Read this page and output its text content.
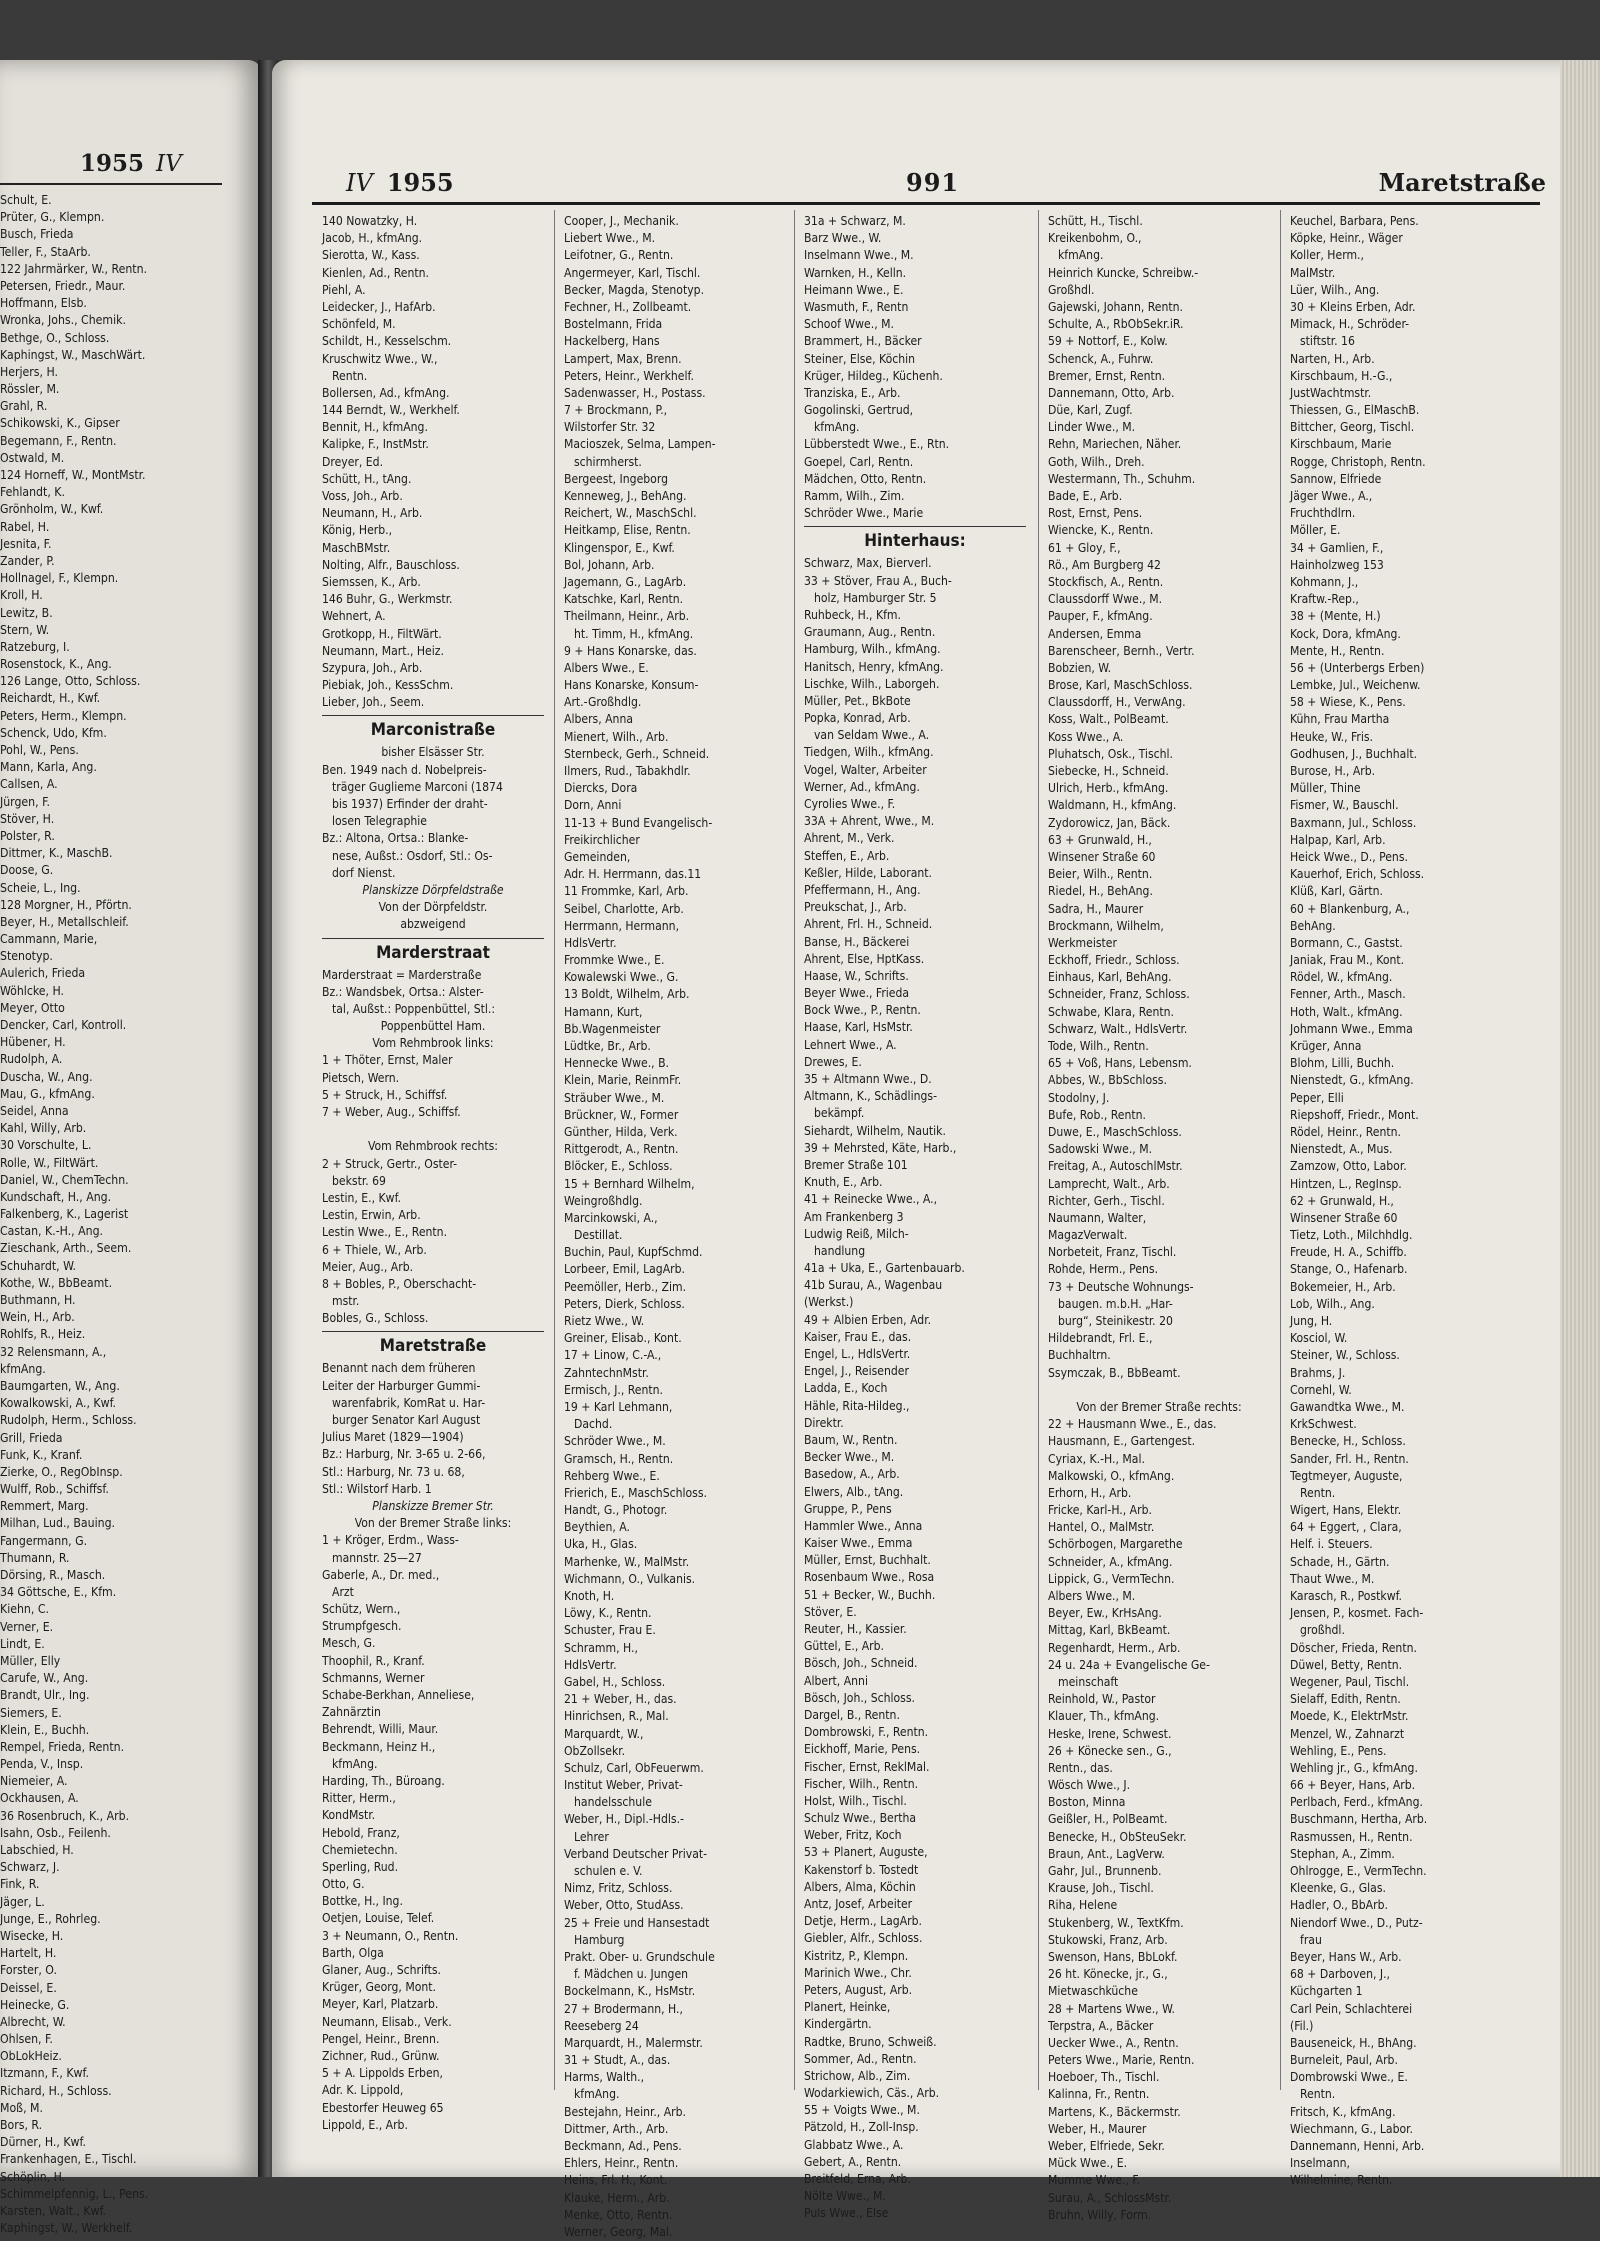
1955 IV
Schult, E.
Prüter, G., Klempn.
Busch, Frieda
Teller, F., StaArb.
122 Jahrmärker, W., Rentn.
Petersen, Friedr., Maur.
Hoffmann, Elsb.
Wronka, Johs., Chemik.
Bethge, O., Schloss.
Kaphingst, W., MaschWärt.
Herjers, H.
Rössler, M.
Grahl, R.
Schikowski, K., Gipser
Begemann, F., Rentn.
Ostwald, M.
124 Horneff, W., MontMstr.
Fehlandt, K.
Grönholm, W., Kwf.
Rabel, H.
Jesnita, F.
Zander, P.
Hollnagel, F., Klempn.
Kroll, H.
Lewitz, B.
Stern, W.
Ratzeburg, I.
Rosenstock, K., Ang.
126 Lange, Otto, Schloss.
Reichardt, H., Kwf.
Peters, Herm., Klempn.
Schenck, Udo, Kfm.
Pohl, W., Pens.
Mann, Karla, Ang.
Callsen, A.
Jürgen, F.
Stöver, H.
Polster, R.
Dittmer, K., MaschB.
Doose, G.
Scheie, L., Ing.
128 Morgner, H., Pförtn.
Beyer, H., Metallschleif.
Cammann, Marie,
Stenotyp.
Aulerich, Frieda
Wöhlcke, H.
Meyer, Otto
Dencker, Carl, Kontroll.
Hübener, H.
Rudolph, A.
Duscha, W., Ang.
Mau, G., kfmAng.
Seidel, Anna
Kahl, Willy, Arb.
30 Vorschulte, L.
Rolle, W., FiltWärt.
Daniel, W., ChemTechn.
Kundschaft, H., Ang.
Falkenberg, K., Lagerist
Castan, K.-H., Ang.
Zieschank, Arth., Seem.
Schuhardt, W.
Kothe, W., BbBeamt.
Buthmann, H.
Wein, H., Arb.
Rohlfs, R., Heiz.
32 Relensmann, A.,
kfmAng.
Baumgarten, W., Ang.
Kowalkowski, A., Kwf.
Rudolph, Herm., Schloss.
Grill, Frieda
Funk, K., Kranf.
Zierke, O., RegObInsp.
Wulff, Rob., Schiffsf.
Remmert, Marg.
Milhan, Lud., Bauing.
Fangermann, G.
Thumann, R.
Dörsing, R., Masch.
34 Göttsche, E., Kfm.
Kiehn, C.
Verner, E.
Lindt, E.
Müller, Elly
Carufe, W., Ang.
Brandt, Ulr., Ing.
Siemers, E.
Klein, E., Buchh.
Rempel, Frieda, Rentn.
Penda, V., Insp.
Niemeier, A.
Ockhausen, A.
36 Rosenbruch, K., Arb.
Isahn, Osb., Feilenh.
Labschied, H.
Schwarz, J.
Fink, R.
Jäger, L.
Junge, E., Rohrleg.
Wisecke, H.
Hartelt, H.
Forster, O.
Deissel, E.
Heinecke, G.
Albrecht, W.
Ohlsen, F.
ObLokHeiz.
Itzmann, F., Kwf.
Richard, H., Schloss.
Moß, M.
Bors, R.
Dürner, H., Kwf.
Frankenhagen, E., Tischl.
Schöplin, H.
Schimmelpfennig, L., Pens.
Karsten, Walt., Kwf.
Kaphingst, W., Werkhelf.
IV 1955	991	Maretstraße
140 Nowatzky, H.
Jacob, H., kfmAng.
Sierotta, W., Kass.
Kienlen, Ad., Rentn.
Piehl, A.
Leidecker, J., HafArb.
Schönfeld, M.
Schildt, H., Kesselschm.
Kruschwitz Wwe., W.,
Rentn.
Bollersen, Ad., kfmAng.
144 Berndt, W., Werkhelf.
Bennit, H., kfmAng.
Kalipke, F., InstMstr.
Dreyer, Ed.
Schütt, H., tAng.
Voss, Joh., Arb.
Neumann, H., Arb.
König, Herb.,
MaschBMstr.
Nolting, Alfr., Bauschloss.
Siemssen, K., Arb.
146 Buhr, G., Werkmstr.
Wehnert, A.
Grotkopp, H., FiltWärt.
Neumann, Mart., Heiz.
Szypura, Joh., Arb.
Piebiak, Joh., KessSchm.
Lieber, Joh., Seem.
Marconistraße
bisher Elsässer Str.
Ben. 1949 nach d. Nobelpreis-
träger Guglieme Marconi (1874
bis 1937) Erfinder der draht-
losen Telegraphie
Bz.: Altona, Ortsa.: Blanke-
nese, Außst.: Osdorf, Stl.: Os-
dorf Nienst.
Planskizze Dörpfeldstraße
Von der Dörpfeldstr.
abzweigend
Marderstraat
Marderstraat = Marderstraße
Bz.: Wandsbek, Ortsa.: Alster-
tal, Außst.: Poppenbüttel, Stl.:
Poppenbüttel Ham.
Vom Rehmbrook links:
1 + Thöter, Ernst, Maler
Pietsch, Wern.
5 + Struck, H., Schiffsf.
7 + Weber, Aug., Schiffsf.
Vom Rehmbrook rechts:
2 + Struck, Gertr., Oster-
bekstr. 69
Lestin, E., Kwf.
Lestin, Erwin, Arb.
Lestin Wwe., E., Rentn.
6 + Thiele, W., Arb.
Meier, Aug., Arb.
8 + Bobles, P., Oberschacht-
mstr.
Bobles, G., Schloss.
Maretstraße
Benannt nach dem früheren
Leiter der Harburger Gummi-
warenfabrik, KomRat u. Har-
burger Senator Karl August
Julius Maret (1829—1904)
Bz.: Harburg, Nr. 3-65 u. 2-66,
Stl.: Harburg, Nr. 73 u. 68,
Stl.: Wilstorf Harb. 1
Planskizze Bremer Str.
Von der Bremer Straße links:
1 + Kröger, Erdm., Wass-
mannstr. 25—27
Gaberle, A., Dr. med.,
Arzt
Schütz, Wern.,
Strumpfgesch.
Mesch, G.
Thoophil, R., Kranf.
Schmanns, Werner
Schabe-Berkhan, Anneliese,
Zahnärztin
Behrendt, Willi, Maur.
Beckmann, Heinz H.,
kfmAng.
Harding, Th., Büroang.
Ritter, Herm.,
KondMstr.
Hebold, Franz,
Chemietechn.
Sperling, Rud.
Otto, G.
Bottke, H., Ing.
Oetjen, Louise, Telef.
3 + Neumann, O., Rentn.
Barth, Olga
Glaner, Aug., Schrifts.
Krüger, Georg, Mont.
Meyer, Karl, Platzarb.
Neumann, Elisab., Verk.
Pengel, Heinr., Brenn.
Zichner, Rud., Grünw.
5 + A. Lippolds Erben,
Adr. K. Lippold,
Ebestorfer Heuweg 65
Lippold, E., Arb.
Cooper, J., Mechanik.
Liebert Wwe., M.
Leifotner, G., Rentn.
Angermeyer, Karl, Tischl.
Becker, Magda, Stenotyp.
Fechner, H., Zollbeamt.
Bostelmann, Frida
Hackelberg, Hans
Lampert, Max, Brenn.
Peters, Heinr., Werkhelf.
Sadenwasser, H., Postass.
7 + Brockmann, P.,
Wilstorfer Str. 32
Macioszek, Selma, Lampen-
schirmherst.
Bergeest, Ingeborg
Kenneweg, J., BehAng.
Reichert, W., MaschSchl.
Heitkamp, Elise, Rentn.
Klingenspor, E., Kwf.
Bol, Johann, Arb.
Jagemann, G., LagArb.
Katschke, Karl, Rentn.
Theilmann, Heinr., Arb.
ht. Timm, H., kfmAng.
9 + Hans Konarske, das.
Albers Wwe., E.
Hans Konarske, Konsum-
Art.-Großhdlg.
Albers, Anna
Mienert, Wilh., Arb.
Sternbeck, Gerh., Schneid.
Ilmers, Rud., Tabakhdlr.
Diercks, Dora
Dorn, Anni
11-13 + Bund Evangelisch-
Freikirchlicher
Gemeinden,
Adr. H. Herrmann, das.11
11 Frommke, Karl, Arb.
Seibel, Charlotte, Arb.
Herrmann, Hermann,
HdlsVertr.
Frommke Wwe., E.
Kowalewski Wwe., G.
13 Boldt, Wilhelm, Arb.
Hamann, Kurt,
Bb.Wagenmeister
Lüdtke, Br., Arb.
Hennecke Wwe., B.
Klein, Marie, ReinmFr.
Sträuber Wwe., M.
Brückner, W., Former
Günther, Hilda, Verk.
Rittgerodt, A., Rentn.
Blöcker, E., Schloss.
15 + Bernhard Wilhelm,
Weingroßhdlg.
Marcinkowski, A.,
Destillat.
Buchin, Paul, KupfSchmd.
Lorbeer, Emil, LagArb.
Peemöller, Herb., Zim.
Peters, Dierk, Schloss.
Rietz Wwe., W.
Greiner, Elisab., Kont.
17 + Linow, C.-A.,
ZahntechnMstr.
Ermisch, J., Rentn.
19 + Karl Lehmann,
Dachd.
Schröder Wwe., M.
Gramsch, H., Rentn.
Rehberg Wwe., E.
Frierich, E., MaschSchloss.
Handt, G., Photogr.
Beythien, A.
Uka, H., Glas.
Marhenke, W., MalMstr.
Wichmann, O., Vulkanis.
Knoth, H.
Löwy, K., Rentn.
Schuster, Frau E.
Schramm, H.,
HdlsVertr.
Gabel, H., Schloss.
21 + Weber, H., das.
Hinrichsen, R., Mal.
Marquardt, W.,
ObZollsekr.
Schulz, Carl, ObFeuerwm.
Institut Weber, Privat-
handelsschule
Weber, H., Dipl.-Hdls.-
Lehrer
Verband Deutscher Privat-
schulen e. V.
Nimz, Fritz, Schloss.
Weber, Otto, StudAss.
25 + Freie und Hansestadt
Hamburg
Prakt. Ober- u. Grundschule
f. Mädchen u. Jungen
Bockelmann, K., HsMstr.
27 + Brodermann, H.,
Reeseberg 24
Marquardt, H., Malermstr.
31 + Studt, A., das.
Harms, Walth.,
kfmAng.
Bestejahn, Heinr., Arb.
Dittmer, Arth., Arb.
Beckmann, Ad., Pens.
Ehlers, Heinr., Rentn.
Heins, Frl. H., Kont.
Klauke, Herm., Arb.
Menke, Otto, Rentn.
Werner, Georg, Mal.
31a + Schwarz, M.
Barz Wwe., W.
Inselmann Wwe., M.
Warnken, H., Kelln.
Heimann Wwe., E.
Wasmuth, F., Rentn
Schoof Wwe., M.
Brammert, H., Bäcker
Steiner, Else, Köchin
Krüger, Hildeg., Küchenh.
Tranziska, E., Arb.
Gogolinski, Gertrud,
kfmAng.
Lübberstedt Wwe., E., Rtn.
Goepel, Carl, Rentn.
Mädchen, Otto, Rentn.
Ramm, Wilh., Zim.
Schröder Wwe., Marie
Hinterhaus:
Schwarz, Max, Bierverl.
33 + Stöver, Frau A., Buch-
holz, Hamburger Str. 5
Ruhbeck, H., Kfm.
Graumann, Aug., Rentn.
Hamburg, Wilh., kfmAng.
Hanitsch, Henry, kfmAng.
Lischke, Wilh., Laborgeh.
Müller, Pet., BkBote
Popka, Konrad, Arb.
van Seldam Wwe., A.
Tiedgen, Wilh., kfmAng.
Vogel, Walter, Arbeiter
Werner, Ad., kfmAng.
Cyrolies Wwe., F.
33A + Ahrent, Wwe., M.
Ahrent, M., Verk.
Steffen, E., Arb.
Keßler, Hilde, Laborant.
Pfeffermann, H., Ang.
Preukschat, J., Arb.
Ahrent, Frl. H., Schneid.
Banse, H., Bäckerei
Ahrent, Else, HptKass.
Haase, W., Schrifts.
Beyer Wwe., Frieda
Bock Wwe., P., Rentn.
Haase, Karl, HsMstr.
Lehnert Wwe., A.
Drewes, E.
35 + Altmann Wwe., D.
Altmann, K., Schädlings-
bekämpf.
Siehardt, Wilhelm, Nautik.
39 + Mehrsted, Käte, Harb.,
Bremer Straße 101
Knuth, E., Arb.
41 + Reinecke Wwe., A.,
Am Frankenberg 3
Ludwig Reiß, Milch-
handlung
41a + Uka, E., Gartenbauarb.
41b Surau, A., Wagenbau
(Werkst.)
49 + Albien Erben, Adr.
Kaiser, Frau E., das.
Engel, L., HdlsVertr.
Engel, J., Reisender
Ladda, E., Koch
Hähle, Rita-Hildeg.,
Direktr.
Baum, W., Rentn.
Becker Wwe., M.
Basedow, A., Arb.
Elwers, Alb., tAng.
Gruppe, P., Pens
Hammler Wwe., Anna
Kaiser Wwe., Emma
Müller, Ernst, Buchhalt.
Rosenbaum Wwe., Rosa
51 + Becker, W., Buchh.
Stöver, E.
Reuter, H., Kassier.
Güttel, E., Arb.
Bösch, Joh., Schneid.
Albert, Anni
Bösch, Joh., Schloss.
Dargel, B., Rentn.
Dombrowski, F., Rentn.
Eickhoff, Marie, Pens.
Fischer, Ernst, ReklMal.
Fischer, Wilh., Rentn.
Holst, Wilh., Tischl.
Schulz Wwe., Bertha
Weber, Fritz, Koch
53 + Planert, Auguste,
Kakenstorf b. Tostedt
Albers, Alma, Köchin
Antz, Josef, Arbeiter
Detje, Herm., LagArb.
Giebler, Alfr., Schloss.
Kistritz, P., Klempn.
Marinich Wwe., Chr.
Peters, August, Arb.
Planert, Heinke,
Kindergärtn.
Radtke, Bruno, Schweiß.
Sommer, Ad., Rentn.
Strichow, Alb., Zim.
Wodarkiewich, Cäs., Arb.
55 + Voigts Wwe., M.
Pätzold, H., Zoll-Insp.
Glabbatz Wwe., A.
Gebert, A., Rentn.
Breitfeld, Erna, Arb.
Nölte Wwe., M.
Puls Wwe., Else
Schütt, H., Tischl.
Kreikenbohm, O.,
kfmAng.
Heinrich Kuncke, Schreibw.-
Großhdl.
Gajewski, Johann, Rentn.
Schulte, A., RbObSekr.iR.
59 + Nottorf, E., Kolw.
Schenck, A., Fuhrw.
Bremer, Ernst, Rentn.
Dannemann, Otto, Arb.
Düe, Karl, Zugf.
Linder Wwe., M.
Rehn, Mariechen, Näher.
Goth, Wilh., Dreh.
Westermann, Th., Schuhm.
Bade, E., Arb.
Rost, Ernst, Pens.
Wiencke, K., Rentn.
61 + Gloy, F.,
Rö., Am Burgberg 42
Stockfisch, A., Rentn.
Claussdorff Wwe., M.
Pauper, F., kfmAng.
Andersen, Emma
Barenscheer, Bernh., Vertr.
Bobzien, W.
Brose, Karl, MaschSchloss.
Claussdorff, H., VerwAng.
Koss, Walt., PolBeamt.
Koss Wwe., A.
Pluhatsch, Osk., Tischl.
Siebecke, H., Schneid.
Ulrich, Herb., kfmAng.
Waldmann, H., kfmAng.
Zydorowicz, Jan, Bäck.
63 + Grunwald, H.,
Winsener Straße 60
Beier, Wilh., Rentn.
Riedel, H., BehAng.
Sadra, H., Maurer
Brockmann, Wilhelm,
Werkmeister
Eckhoff, Friedr., Schloss.
Einhaus, Karl, BehAng.
Schneider, Franz, Schloss.
Schwabe, Klara, Rentn.
Schwarz, Walt., HdlsVertr.
Tode, Wilh., Rentn.
65 + Voß, Hans, Lebensm.
Abbes, W., BbSchloss.
Stodolny, J.
Bufe, Rob., Rentn.
Duwe, E., MaschSchloss.
Sadowski Wwe., M.
Freitag, A., AutoschlMstr.
Lamprecht, Walt., Arb.
Richter, Gerh., Tischl.
Naumann, Walter,
MagazVerwalt.
Norbeteit, Franz, Tischl.
Rohde, Herm., Pens.
73 + Deutsche Wohnungs-
baugen. m.b.H. „Har-
burg“, Steinikestr. 20
Hildebrandt, Frl. E.,
Buchhaltrn.
Ssymczak, B., BbBeamt.
Von der Bremer Straße rechts:
22 + Hausmann Wwe., E., das.
Hausmann, E., Gartengest.
Cyriax, K.-H., Mal.
Malkowski, O., kfmAng.
Erhorn, H., Arb.
Fricke, Karl-H., Arb.
Hantel, O., MalMstr.
Schörbogen, Margarethe
Schneider, A., kfmAng.
Lippick, G., VermTechn.
Albers Wwe., M.
Beyer, Ew., KrHsAng.
Mittag, Karl, BkBeamt.
Regenhardt, Herm., Arb.
24 u. 24a + Evangelische Ge-
meinschaft
Reinhold, W., Pastor
Klauer, Th., kfmAng.
Heske, Irene, Schwest.
26 + Könecke sen., G.,
Rentn., das.
Wösch Wwe., J.
Boston, Minna
Geißler, H., PolBeamt.
Benecke, H., ObSteuSekr.
Braun, Ant., LagVerw.
Gahr, Jul., Brunnenb.
Krause, Joh., Tischl.
Riha, Helene
Stukenberg, W., TextKfm.
Stukowski, Franz, Arb.
Swenson, Hans, BbLokf.
26 ht. Könecke, jr., G.,
Mietwaschküche
28 + Martens Wwe., W.
Terpstra, A., Bäcker
Uecker Wwe., A., Rentn.
Peters Wwe., Marie, Rentn.
Hoeboer, Th., Tischl.
Kalinna, Fr., Rentn.
Martens, K., Bäckermstr.
Weber, H., Maurer
Weber, Elfriede, Sekr.
Mück Wwe., E.
Mumme Wwe., F.
Surau, A., SchlossMstr.
Bruhn, Willy, Form.
Keuchel, Barbara, Pens.
Köpke, Heinr., Wäger
Koller, Herm.,
MalMstr.
Lüer, Wilh., Ang.
30 + Kleins Erben, Adr.
Mimack, H., Schröder-
stiftstr. 16
Narten, H., Arb.
Kirschbaum, H.-G.,
JustWachtmstr.
Thiessen, G., ElMaschB.
Bittcher, Georg, Tischl.
Kirschbaum, Marie
Rogge, Christoph, Rentn.
Sannow, Elfriede
Jäger Wwe., A.,
Fruchthdlrn.
Möller, E.
34 + Gamlien, F.,
Hainholzweg 153
Kohmann, J.,
Kraftw.-Rep.,
38 + (Mente, H.)
Kock, Dora, kfmAng.
Mente, H., Rentn.
56 + (Unterbergs Erben)
Lembke, Jul., Weichenw.
58 + Wiese, K., Pens.
Kühn, Frau Martha
Heuke, W., Fris.
Godhusen, J., Buchhalt.
Burose, H., Arb.
Müller, Thine
Fismer, W., Bauschl.
Baxmann, Jul., Schloss.
Halpap, Karl, Arb.
Heick Wwe., D., Pens.
Kauerhof, Erich, Schloss.
Klüß, Karl, Gärtn.
60 + Blankenburg, A.,
BehAng.
Bormann, C., Gastst.
Janiak, Frau M., Kont.
Rödel, W., kfmAng.
Fenner, Arth., Masch.
Hoth, Walt., kfmAng.
Johmann Wwe., Emma
Krüger, Anna
Blohm, Lilli, Buchh.
Nienstedt, G., kfmAng.
Peper, Elli
Riepshoff, Friedr., Mont.
Rödel, Heinr., Rentn.
Nienstedt, A., Mus.
Zamzow, Otto, Labor.
Hintzen, L., RegInsp.
62 + Grunwald, H.,
Winsener Straße 60
Tietz, Loth., Milchhdlg.
Freude, H. A., Schiffb.
Stange, O., Hafenarb.
Bokemeier, H., Arb.
Lob, Wilh., Ang.
Jung, H.
Kosciol, W.
Steiner, W., Schloss.
Brahms, J.
Cornehl, W.
Gawandtka Wwe., M.
KrkSchwest.
Benecke, H., Schloss.
Sander, Frl. H., Rentn.
Tegtmeyer, Auguste,
Rentn.
Wigert, Hans, Elektr.
64 + Eggert, , Clara,
Helf. i. Steuers.
Schade, H., Gärtn.
Thaut Wwe., M.
Karasch, R., Postkwf.
Jensen, P., kosmet. Fach-
großhdl.
Döscher, Frieda, Rentn.
Düwel, Betty, Rentn.
Wegener, Paul, Tischl.
Sielaff, Edith, Rentn.
Moede, K., ElektrMstr.
Menzel, W., Zahnarzt
Wehling, E., Pens.
Wehling jr., G., kfmAng.
66 + Beyer, Hans, Arb.
Perlbach, Ferd., kfmAng.
Buschmann, Hertha, Arb.
Rasmussen, H., Rentn.
Stephan, A., Zimm.
Ohlrogge, E., VermTechn.
Kleenke, G., Glas.
Hadler, O., BbArb.
Niendorf Wwe., D., Putz-
frau
Beyer, Hans W., Arb.
68 + Darboven, J.,
Küchgarten 1
Carl Pein, Schlachterei
(Fil.)
Bauseneick, H., BhAng.
Burneleit, Paul, Arb.
Dombrowski Wwe., E.
Rentn.
Fritsch, K., kfmAng.
Wiechmann, G., Labor.
Dannemann, Henni, Arb.
Inselmann,
Wilhelmine, Rentn.
